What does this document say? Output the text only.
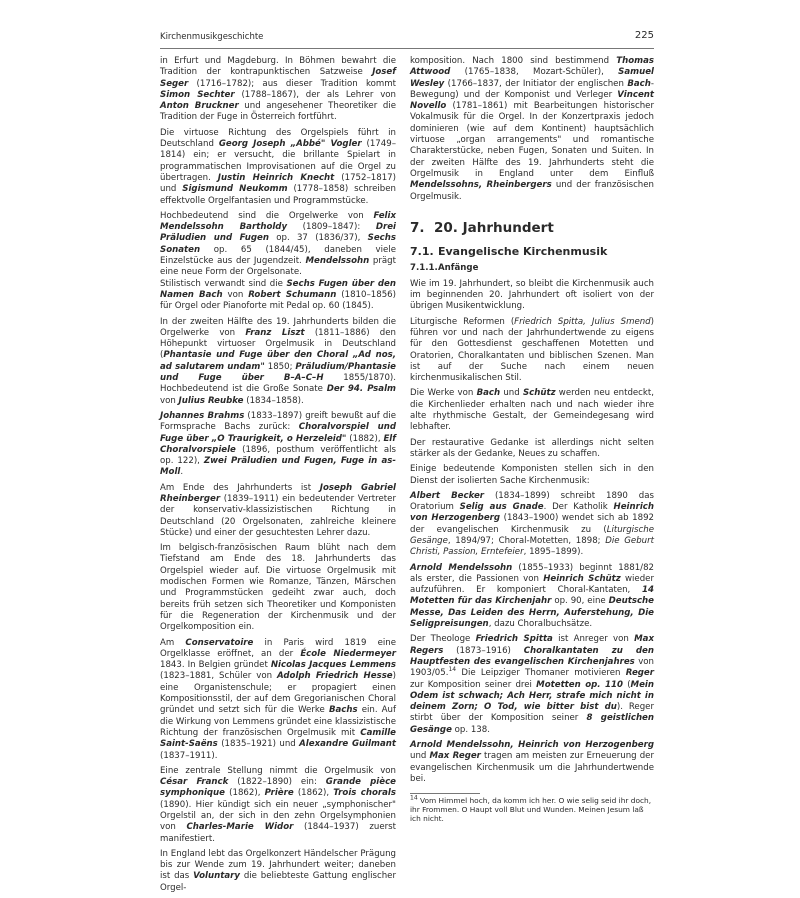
Kirchenmusikgeschichte	225

in Erfurt und Magdeburg. In Böhmen bewahrt die Tradition der kontrapunktischen Satzweise Josef Seger (1716–1782); aus dieser Tradition kommt Simon Sechter (1788–1867), der als Lehrer von Anton Bruckner und angesehener Theoretiker die Tradition der Fuge in Österreich fortführt.

Die virtuose Richtung des Orgelspiels führt in Deutschland Georg Joseph „Abbé" Vogler (1749–1814) ein; er versucht, die brillante Spielart in programmatischen Improvisationen auf die Orgel zu übertragen. Justin Heinrich Knecht (1752–1817) und Sigismund Neukomm (1778–1858) schreiben effektvolle Orgelfantasien und Programmstücke.

Hochbedeutend sind die Orgelwerke von Felix Mendelssohn Bartholdy (1809–1847): Drei Präludien und Fugen op. 37 (1836/37), Sechs Sonaten op. 65 (1844/45), daneben viele Einzelstücke aus der Jugendzeit. Mendelssohn prägt eine neue Form der Orgelsonate.

Stilistisch verwandt sind die Sechs Fugen über den Namen Bach von Robert Schumann (1810–1856) für Orgel oder Pianoforte mit Pedal op. 60 (1845).

In der zweiten Hälfte des 19. Jahrhunderts bilden die Orgelwerke von Franz Liszt (1811–1886) den Höhepunkt virtuoser Orgelmusik in Deutschland (Phantasie und Fuge über den Choral „Ad nos, ad salutarem undam" 1850; Präludium/Phantasie und Fuge über B–A–C–H 1855/1870). Hochbedeutend ist die Große Sonate Der 94. Psalm von Julius Reubke (1834–1858).

Johannes Brahms (1833–1897) greift bewußt auf die Formsprache Bachs zurück: Choralvorspiel und Fuge über „O Traurigkeit, o Herzeleid" (1882), Elf Choralvorspiele (1896, posthum veröffentlicht als op. 122), Zwei Präludien und Fugen, Fuge in as-Moll.

Am Ende des Jahrhunderts ist Joseph Gabriel Rheinberger (1839–1911) ein bedeutender Vertreter der konservativ-klassizistischen Richtung in Deutschland (20 Orgelsonaten, zahlreiche kleinere Stücke) und einer der gesuchtesten Lehrer dazu.

Im belgisch-französischen Raum blüht nach dem Tiefstand am Ende des 18. Jahrhunderts das Orgelspiel wieder auf. Die virtuose Orgelmusik mit modischen Formen wie Romanze, Tänzen, Märschen und Programmstücken gedeiht zwar auch, doch bereits früh setzen sich Theoretiker und Komponisten für die Regeneration der Kirchenmusik und der Orgelkomposition ein.

Am Conservatoire in Paris wird 1819 eine Orgelklasse eröffnet, an der École Niedermeyer 1843. In Belgien gründet Nicolas Jacques Lemmens (1823–1881, Schüler von Adolph Friedrich Hesse) eine Organistenschule; er propagiert einen Kompositionsstil, der auf dem Gregorianischen Choral gründet und setzt sich für die Werke Bachs ein. Auf die Wirkung von Lemmens gründet eine klassizistische Richtung der französischen Orgelmusik mit Camille Saint-Saëns (1835–1921) und Alexandre Guilmant (1837–1911).

Eine zentrale Stellung nimmt die Orgelmusik von César Franck (1822–1890) ein: Grande pièce symphonique (1862), Prière (1862), Trois chorals (1890). Hier kündigt sich ein neuer „symphonischer" Orgelstil an, der sich in den zehn Orgelsymphonien von Charles-Marie Widor (1844–1937) zuerst manifestiert.

In England lebt das Orgelkonzert Händelscher Prägung bis zur Wende zum 19. Jahrhundert weiter; daneben ist das Voluntary die beliebteste Gattung englischer Orgel-

komposition. Nach 1800 sind bestimmend Thomas Attwood (1765–1838, Mozart-Schüler), Samuel Wesley (1766–1837, der Initiator der englischen Bach-Bewegung) und der Komponist und Verleger Vincent Novello (1781–1861) mit Bearbeitungen historischer Vokalmusik für die Orgel. In der Konzertpraxis jedoch dominieren (wie auf dem Kontinent) hauptsächlich virtuose „organ arrangements" und romantische Charakterstücke, neben Fugen, Sonaten und Suiten. In der zweiten Hälfte des 19. Jahrhunderts steht die Orgelmusik in England unter dem Einfluß Mendelssohns, Rheinbergers und der französischen Orgelmusik.

7. 20. Jahrhundert
7.1. Evangelische Kirchenmusik
7.1.1.Anfänge

Wie im 19. Jahrhundert, so bleibt die Kirchenmusik auch im beginnenden 20. Jahrhundert oft isoliert von der übrigen Musikentwicklung.

Liturgische Reformen (Friedrich Spitta, Julius Smend) führen vor und nach der Jahrhundertwende zu eigens für den Gottesdienst geschaffenen Motetten und Oratorien, Choralkantaten und biblischen Szenen. Man ist auf der Suche nach einem neuen kirchenmusikalischen Stil.

Die Werke von Bach und Schütz werden neu entdeckt, die Kirchenlieder erhalten nach und nach wieder ihre alte rhythmische Gestalt, der Gemeindegesang wird lebhafter.

Der restaurative Gedanke ist allerdings nicht selten stärker als der Gedanke, Neues zu schaffen.

Einige bedeutende Komponisten stellen sich in den Dienst der isolierten Sache Kirchenmusik:

Albert Becker (1834–1899) schreibt 1890 das Oratorium Selig aus Gnade. Der Katholik Heinrich von Herzogenberg (1843–1900) wendet sich ab 1892 der evangelischen Kirchenmusik zu (Liturgische Gesänge, 1894/97; Choral-Motetten, 1898; Die Geburt Christi, Passion, Erntefeier, 1895–1899).

Arnold Mendelssohn (1855–1933) beginnt 1881/82 als erster, die Passionen von Heinrich Schütz wieder aufzuführen. Er komponiert Choral-Kantaten, 14 Motetten für das Kirchenjahr op. 90, eine Deutsche Messe, Das Leiden des Herrn, Auferstehung, Die Seligpreisungen, dazu Choralbuchsätze.

Der Theologe Friedrich Spitta ist Anreger von Max Regers (1873–1916) Choralkantaten zu den Hauptfesten des evangelischen Kirchenjahres von 1903/05.14 Die Leipziger Thomaner motivieren Reger zur Komposition seiner drei Motetten op. 110 (Mein Odem ist schwach; Ach Herr, strafe mich nicht in deinem Zorn; O Tod, wie bitter bist du). Reger stirbt über der Komposition seiner 8 geistlichen Gesänge op. 138.

Arnold Mendelssohn, Heinrich von Herzogenberg und Max Reger tragen am meisten zur Erneuerung der evangelischen Kirchenmusik um die Jahrhundertwende bei.

$^{14}$ Vom Himmel hoch, da komm ich her. O wie selig seid ihr doch, ihr Frommen. O Haupt voll Blut und Wunden. Meinen Jesum laß ich nicht.
